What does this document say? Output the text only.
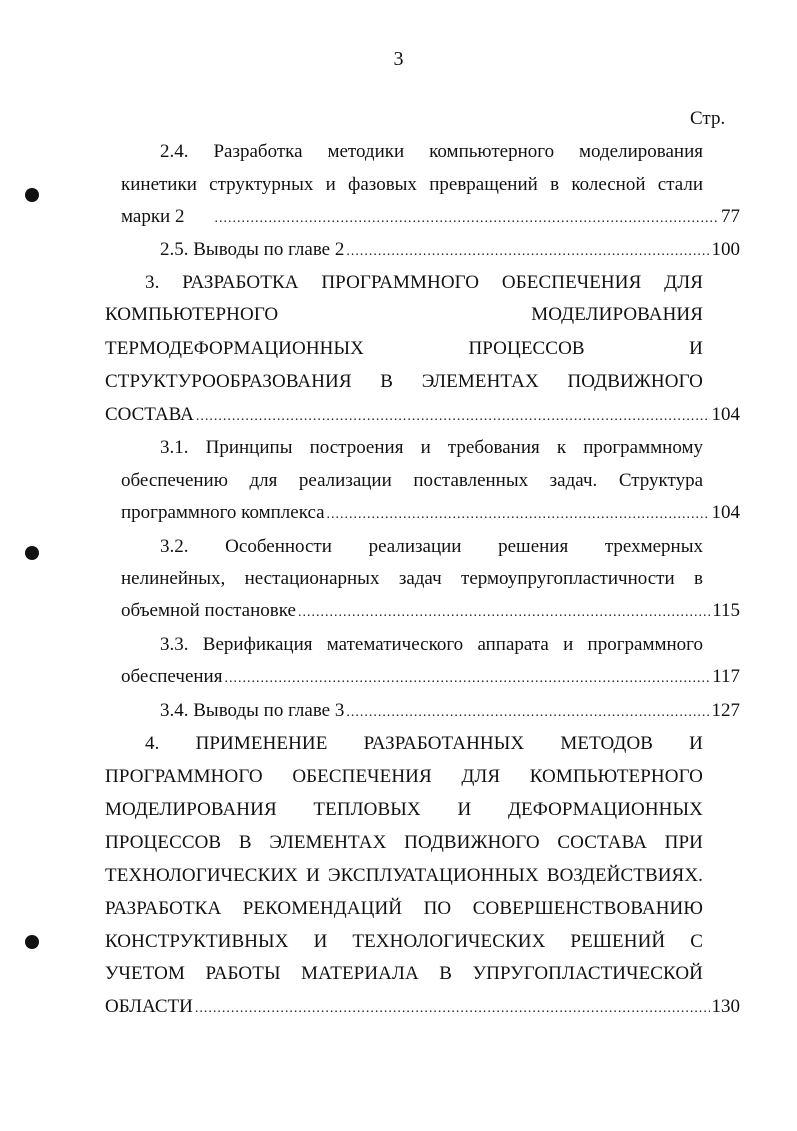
3
Стр.
2.4. Разработка методики компьютерного моделирования
кинетики структурных и фазовых превращений в колесной стали
марки 2 .....	77
2.5. Выводы по главе 2 .....	100
3. РАЗРАБОТКА ПРОГРАММНОГО ОБЕСПЕЧЕНИЯ ДЛЯ
КОМПЬЮТЕРНОГО МОДЕЛИРОВАНИЯ
ТЕРМОДЕФОРМАЦИОННЫХ ПРОЦЕССОВ И
СТРУКТУРООБРАЗОВАНИЯ В ЭЛЕМЕНТАХ ПОДВИЖНОГО
СОСТАВА .....	104
3.1. Принципы построения и требования к программному
обеспечению для реализации поставленных задач. Структура
программного комплекса .....	104
3.2. Особенности реализации решения трехмерных
нелинейных, нестационарных задач термоупругопластичности в
объемной постановке .....	115
3.3. Верификация математического аппарата и программного
обеспечения .....	117
3.4. Выводы по главе 3 .....	127
4. ПРИМЕНЕНИЕ РАЗРАБОТАННЫХ МЕТОДОВ И
ПРОГРАММНОГО ОБЕСПЕЧЕНИЯ ДЛЯ КОМПЬЮТЕРНОГО
МОДЕЛИРОВАНИЯ ТЕПЛОВЫХ И ДЕФОРМАЦИОННЫХ
ПРОЦЕССОВ В ЭЛЕМЕНТАХ ПОДВИЖНОГО СОСТАВА ПРИ
ТЕХНОЛОГИЧЕСКИХ И ЭКСПЛУАТАЦИОННЫХ ВОЗДЕЙСТВИЯХ.
РАЗРАБОТКА РЕКОМЕНДАЦИЙ ПО СОВЕРШЕНСТВОВАНИЮ
КОНСТРУКТИВНЫХ И ТЕХНОЛОГИЧЕСКИХ РЕШЕНИЙ С
УЧЕТОМ РАБОТЫ МАТЕРИАЛА В УПРУГОПЛАСТИЧЕСКОЙ
ОБЛАСТИ .....	130
